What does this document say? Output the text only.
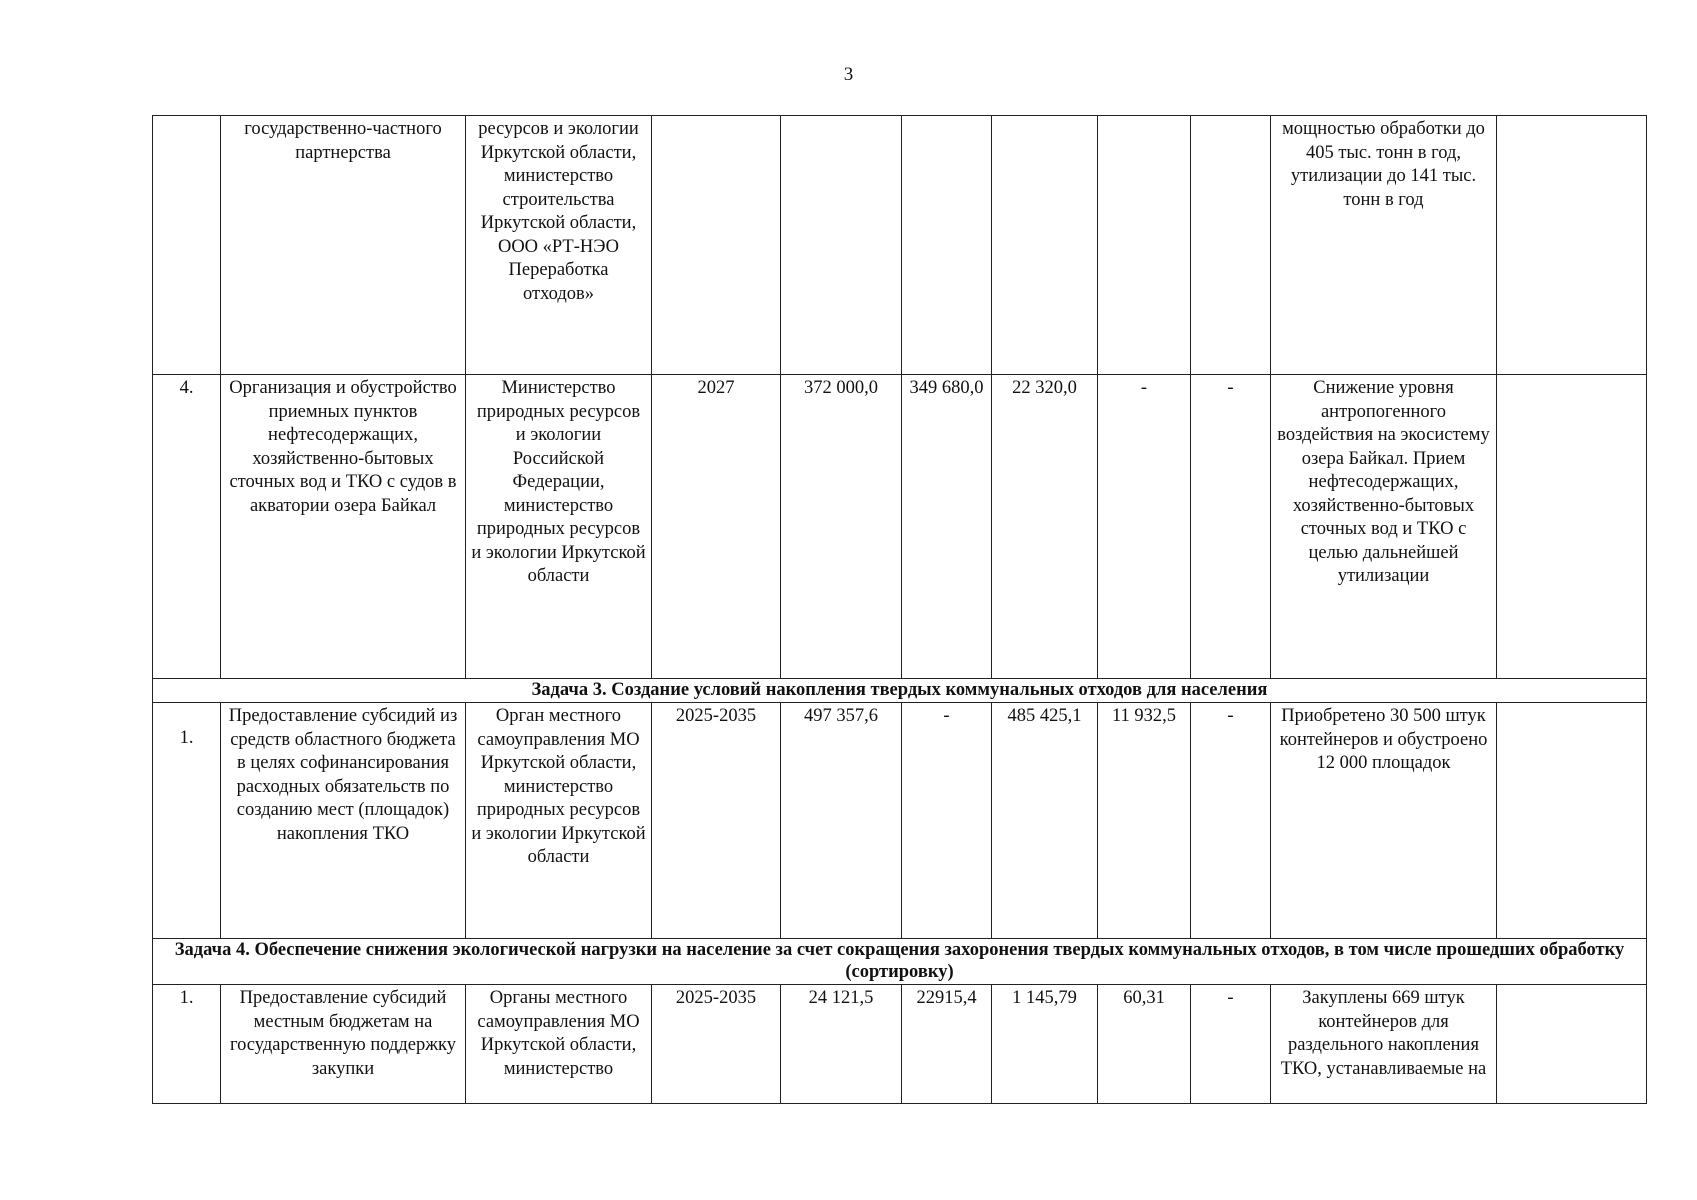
3
	государственно-частного партнерства	ресурсов и экологии Иркутской области, министерство строительства Иркутской области, ООО «РТ-НЭО Переработка отходов»							мощностью обработки до 405 тыс. тонн в год, утилизации до 141 тыс. тонн в год	
4.	Организация и обустройство приемных пунктов нефтесодержащих, хозяйственно-бытовых сточных вод и ТКО с судов в акватории озера Байкал	Министерство природных ресурсов и экологии Российской Федерации, министерство природных ресурсов и экологии Иркутской области	2027	372 000,0	349 680,0	22 320,0	-	-	Снижение уровня антропогенного воздействия на экосистему озера Байкал. Прием нефтесодержащих, хозяйственно-бытовых сточных вод и ТКО с целью дальнейшей утилизации	
Задача 3. Создание условий накопления твердых коммунальных отходов для населения										
1.	Предоставление субсидий из средств областного бюджета в целях софинансирования расходных обязательств по созданию мест (площадок) накопления ТКО	Орган местного самоуправления МО Иркутской области, министерство природных ресурсов и экологии Иркутской области	2025-2035	497 357,6	-	485 425,1	11 932,5	-	Приобретено 30 500 штук контейнеров и обустроено 12 000 площадок	
Задача 4. Обеспечение снижения экологической нагрузки на население за счет сокращения захоронения твердых коммунальных отходов, в том числе прошедших обработку (сортировку)										
1.	Предоставление субсидий местным бюджетам на государственную поддержку закупки	Органы местного самоуправления МО Иркутской области, министерство	2025-2035	24 121,5	22915,4	1 145,79	60,31	-	Закуплены 669 штук контейнеров для раздельного накопления ТКО, устанавливаемые на	
